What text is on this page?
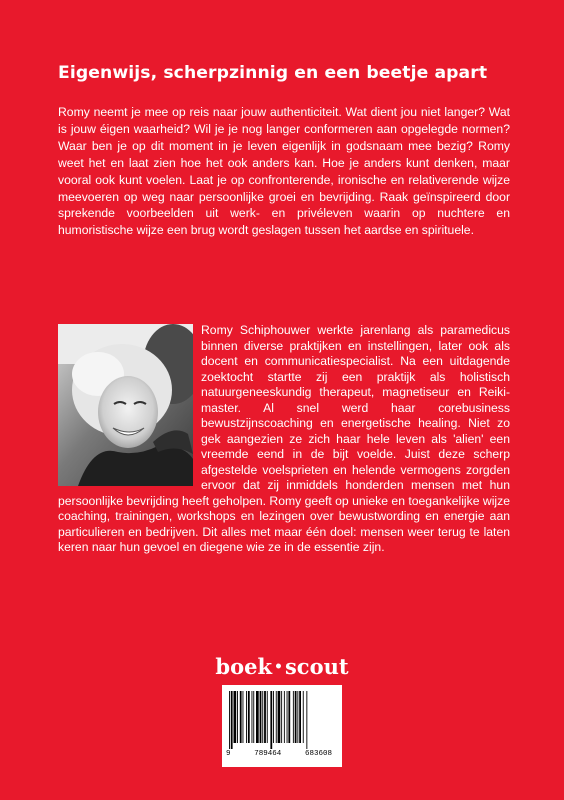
Eigenwijs, scherpzinnig en een beetje apart
Romy neemt je mee op reis naar jouw authenticiteit. Wat dient jou niet langer? Wat is jouw éigen waarheid? Wil je je nog langer conformeren aan opgelegde normen? Waar ben je op dit moment in je leven eigenlijk in godsnaam mee bezig? Romy weet het en laat zien hoe het ook anders kan. Hoe je anders kunt denken, maar vooral ook kunt voelen. Laat je op confronterende, ironische en relativerende wijze meevoeren op weg naar persoonlijke groei en bevrijding. Raak geïnspireerd door sprekende voorbeelden uit werk- en privéleven waarin op nuchtere en humoristische wijze een brug wordt geslagen tussen het aardse en spirituele.
Romy Schiphouwer werkte jarenlang als paramedicus binnen diverse praktijken en instellingen, later ook als docent en communicatiespecialist. Na een uitdagende zoektocht startte zij een praktijk als holistisch natuurgeneeskundig therapeut, magnetiseur en Reiki-master. Al snel werd haar corebusiness bewustzijnscoaching en energetische healing. Niet zo gek aangezien ze zich haar hele leven als 'alien' een vreemde eend in de bijt voelde. Juist deze scherp afgestelde voelsprieten en helende vermogens zorgden ervoor dat zij inmiddels honderden mensen met hun persoonlijke bevrijding heeft geholpen. Romy geeft op unieke en toegankelijke wijze coaching, trainingen, workshops en lezingen over bewustwording en energie aan particulieren en bedrijven. Dit alles met maar één doel: mensen weer terug te laten keren naar hun gevoel en diegene wie ze in de essentie zijn.
boek •scout
9	789464	683608
